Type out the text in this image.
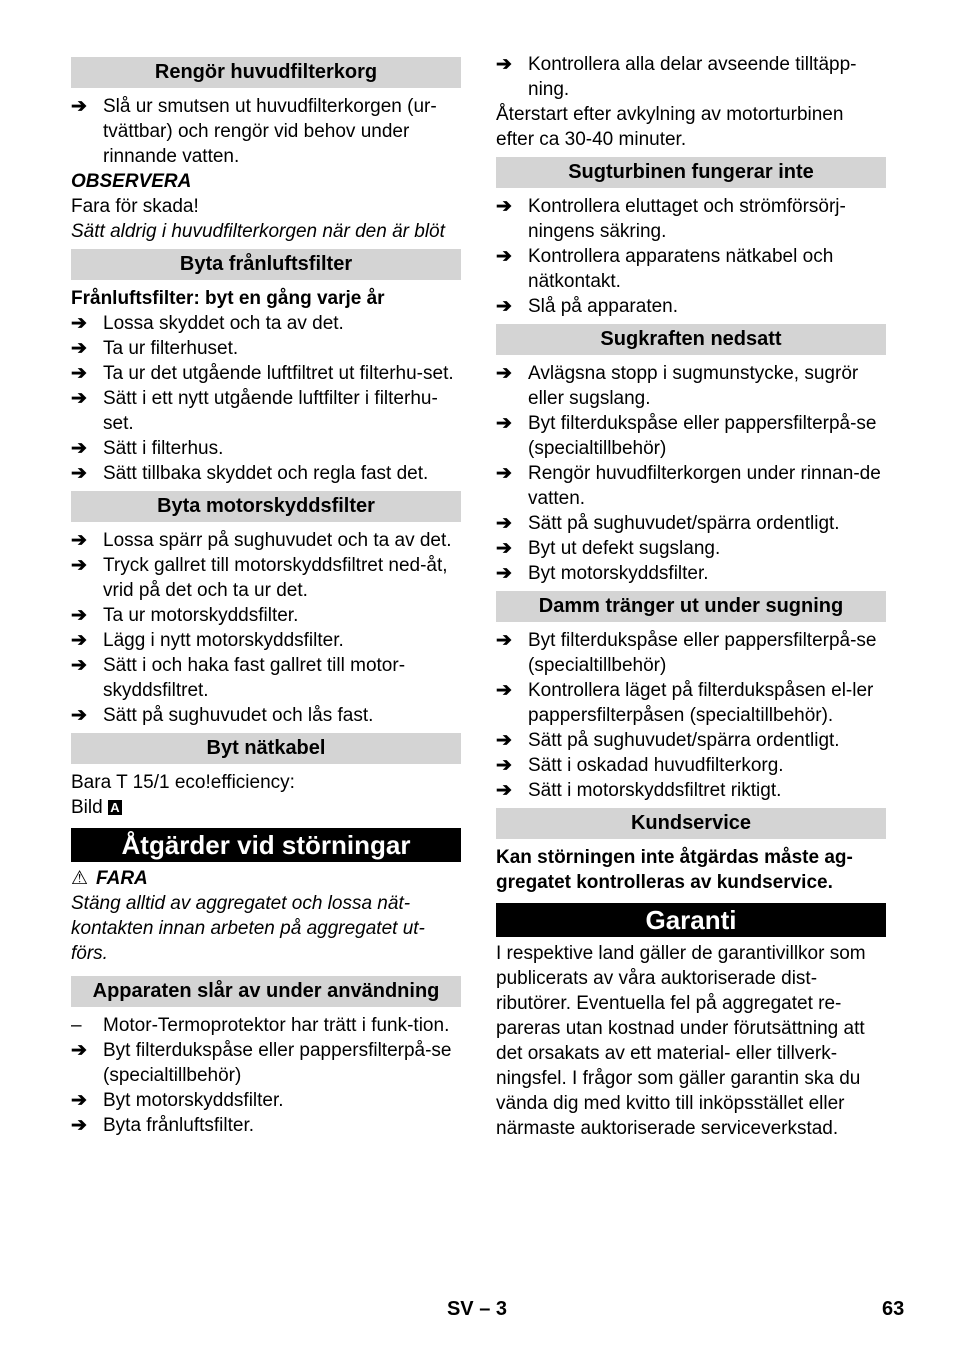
Rengör huvudfilterkorg
➔ Slå ur smutsen ut huvudfilterkorgen (ur-tvättbar) och rengör vid behov under rinnande vatten.
OBSERVERA
Fara för skada!
Sätt aldrig i huvudfilterkorgen när den är blöt
Byta frånluftsfilter
Frånluftsfilter: byt en gång varje år
➔ Lossa skyddet och ta av det.
➔ Ta ur filterhuset.
➔ Ta ur det utgående luftfiltret ut filterhu-set.
➔ Sätt i ett nytt utgående luftfilter i filterhu-set.
➔ Sätt i filterhus.
➔ Sätt tillbaka skyddet och regla fast det.
Byta motorskyddsfilter
➔ Lossa spärr på sughuvudet och ta av det.
➔ Tryck gallret till motorskyddsfiltret ned-åt, vrid på det och ta ur det.
➔ Ta ur motorskyddsfilter.
➔ Lägg i nytt motorskyddsfilter.
➔ Sätt i och haka fast gallret till motor-skyddsfiltret.
➔ Sätt på sughuvudet och lås fast.
Byt nätkabel
Bara T 15/1 eco!efficiency:
Bild A
Åtgärder vid störningar
⚠ FARA
Stäng alltid av aggregatet och lossa nät-kontakten innan arbeten på aggregatet ut-förs.
Apparaten slår av under användning
–	Motor-Termoprotektor har trätt i funk-tion.
➔ Byt filterdukspåse eller pappersfilterpå-se (specialtillbehör)
➔ Byt motorskyddsfilter.
➔ Byta frånluftsfilter.
➔ Kontrollera alla delar avseende tilltäpp-ning.
Återstart efter avkylning av motorturbinen efter ca 30-40 minuter.
Sugturbinen fungerar inte
➔ Kontrollera eluttaget och strömförsörj-ningens säkring.
➔ Kontrollera apparatens nätkabel och nätkontakt.
➔ Slå på apparaten.
Sugkraften nedsatt
➔ Avlägsna stopp i sugmunstycke, sugrör eller sugslang.
➔ Byt filterdukspåse eller pappersfilterpå-se (specialtillbehör)
➔ Rengör huvudfilterkorgen under rinnan-de vatten.
➔ Sätt på sughuvudet/spärra ordentligt.
➔ Byt ut defekt sugslang.
➔ Byt motorskyddsfilter.
Damm tränger ut under sugning
➔ Byt filterdukspåse eller pappersfilterpå-se (specialtillbehör)
➔ Kontrollera läget på filterdukspåsen el-ler pappersfilterpåsen (specialtillbehör).
➔ Sätt på sughuvudet/spärra ordentligt.
➔ Sätt i oskadad huvudfilterkorg.
➔ Sätt i motorskyddsfiltret riktigt.
Kundservice
Kan störningen inte åtgärdas måste ag-gregatet kontrolleras av kundservice.
Garanti
I respektive land gäller de garantivillkor som publicerats av våra auktoriserade dist-ributörer. Eventuella fel på aggregatet re-pareras utan kostnad under förutsättning att det orsakats av ett material- eller tillverk-ningsfel. I frågor som gäller garantin ska du vända dig med kvitto till inköpsstället eller närmaste auktoriserade serviceverkstad.
SV – 3	63
